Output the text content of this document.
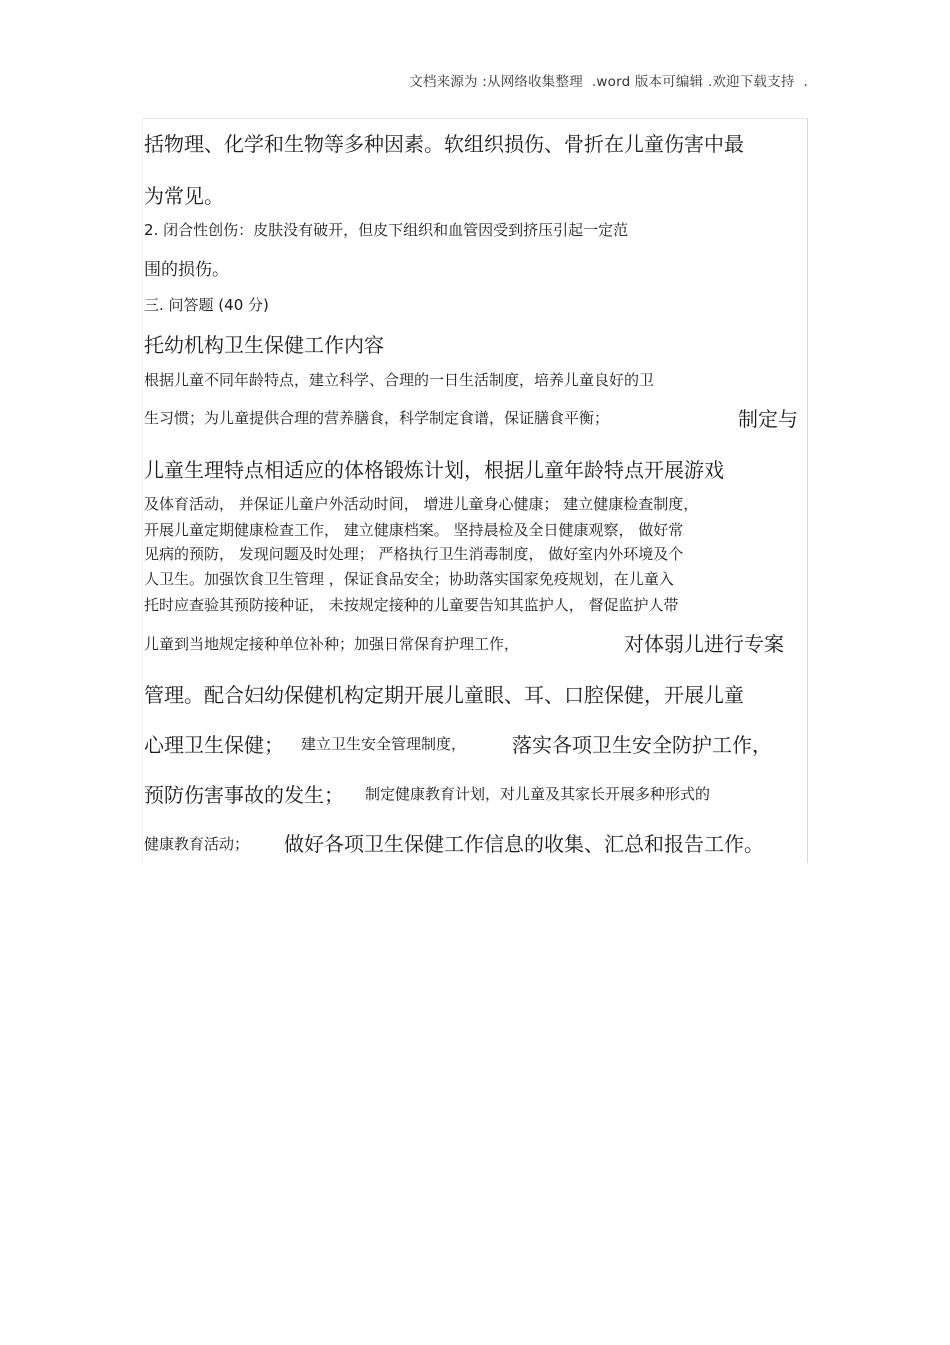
文档来源为 :从网络收集整理  .word 版本可编辑 .欢迎下载支持  .
括物理、化学和生物等多种因素。软组织损伤、骨折在儿童伤害中最
为常见。
2. 闭合性创伤：皮肤没有破开，但皮下组织和血管因受到挤压引起一定范
围的损伤。
三. 问答题 (40 分)
托幼机构卫生保健工作内容
根据儿童不同年龄特点，建立科学、合理的一日生活制度，培养儿童良好的卫
生习惯；为儿童提供合理的营养膳食，科学制定食谱，保证膳食平衡；	制定与
儿童生理特点相适应的体格锻炼计划，根据儿童年龄特点开展游戏
及体育活动， 并保证儿童户外活动时间， 增进儿童身心健康； 建立健康检查制度，
开展儿童定期健康检查工作， 建立健康档案。 坚持晨检及全日健康观察， 做好常
见病的预防， 发现问题及时处理； 严格执行卫生消毒制度， 做好室内外环境及个
人卫生。加强饮食卫生管理 ，保证食品安全；协助落实国家免疫规划，在儿童入
托时应查验其预防接种证， 未按规定接种的儿童要告知其监护人， 督促监护人带
儿童到当地规定接种单位补种；加强日常保育护理工作，	对体弱儿进行专案
管理。配合妇幼保健机构定期开展儿童眼、耳、口腔保健，开展儿童
心理卫生保健； 建立卫生安全管理制度， 落实各项卫生安全防护工作，
预防伤害事故的发生； 制定健康教育计划，对儿童及其家长开展多种形式的
健康教育活动； 做好各项卫生保健工作信息的收集、汇总和报告工作。
